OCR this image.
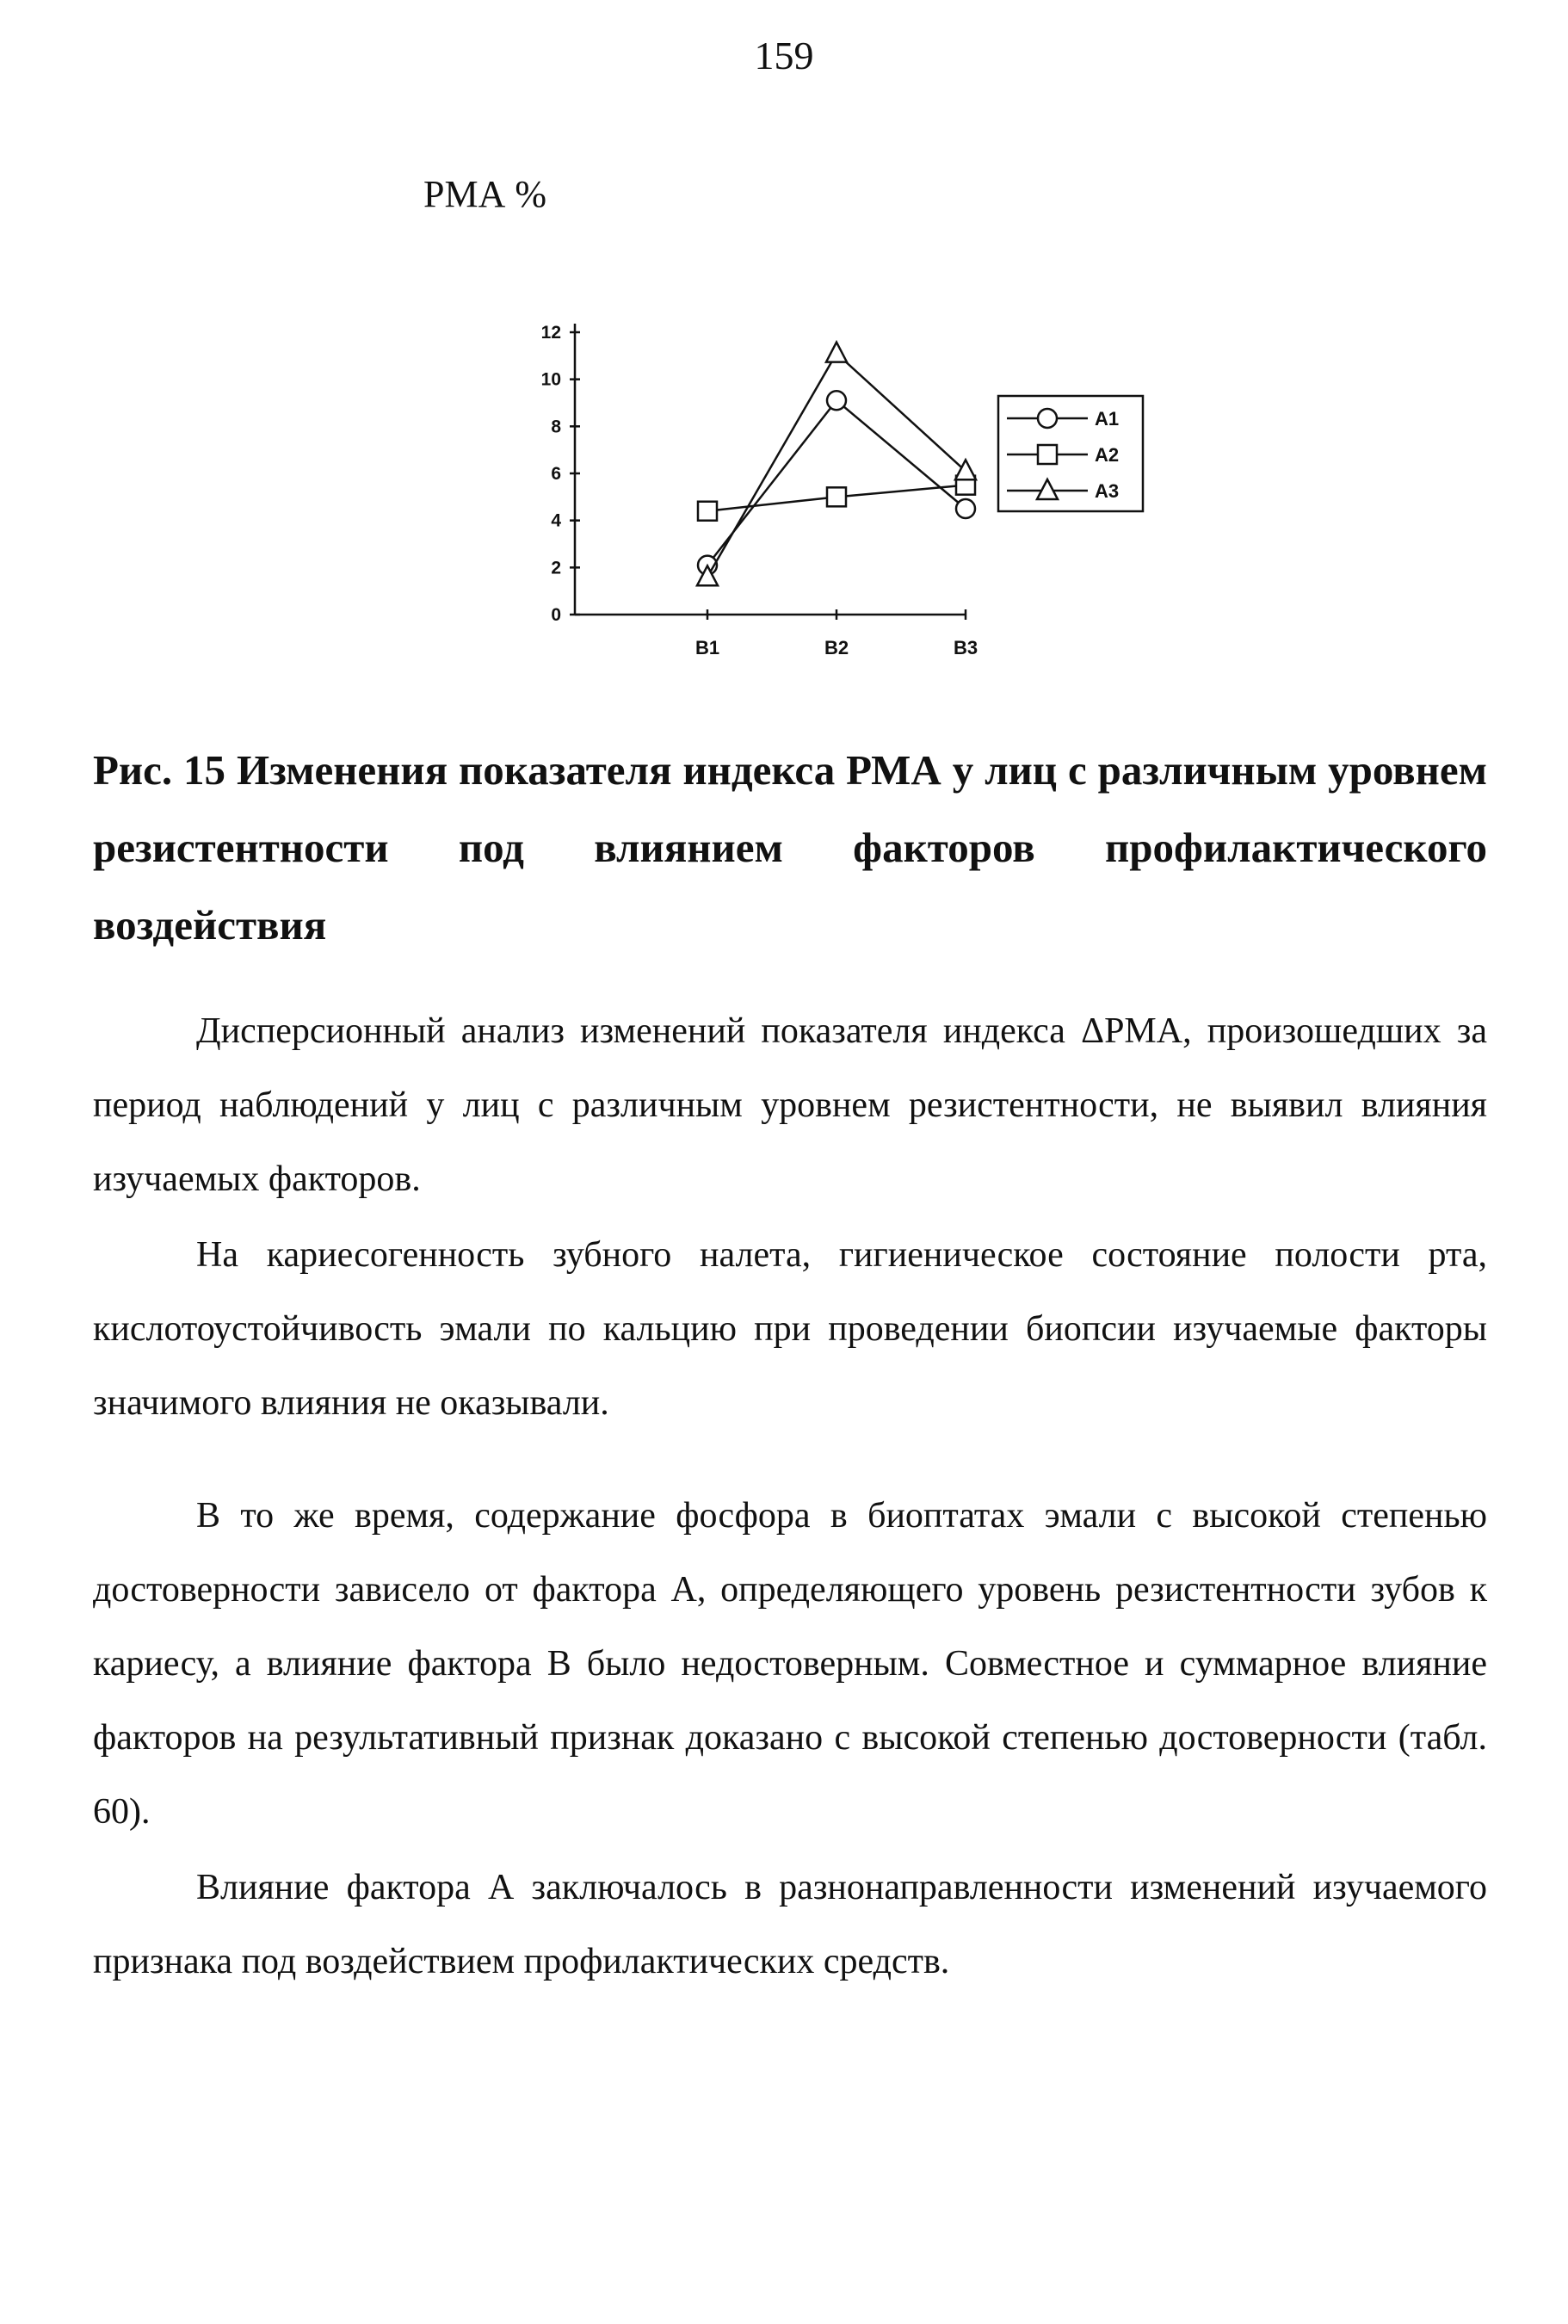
159
РМА %
0
2
4
6
8
10
12
B1	B2	B3
A1
A2
A3

Рис. 15 Изменения показателя индекса РМА у лиц с различным уровнем резистентности под влиянием факторов профилактического воздействия

Дисперсионный анализ изменений показателя индекса ΔРМА, произошедших за период наблюдений у лиц с различным уровнем резистентности, не выявил влияния изучаемых факторов.

На кариесогенность зубного налета, гигиеническое состояние полости рта, кислотоустойчивость эмали по кальцию при проведении биопсии изучаемые факторы значимого влияния не оказывали.

В то же время, содержание фосфора в биоптатах эмали с высокой степенью достоверности зависело от фактора А, определяющего уровень резистентности зубов к кариесу, а влияние фактора В было недостоверным. Совместное и суммарное влияние факторов на результативный признак доказано с высокой степенью достоверности (табл. 60).

Влияние фактора А заключалось в разнонаправленности изменений изучаемого признака под воздействием профилактических средств.
